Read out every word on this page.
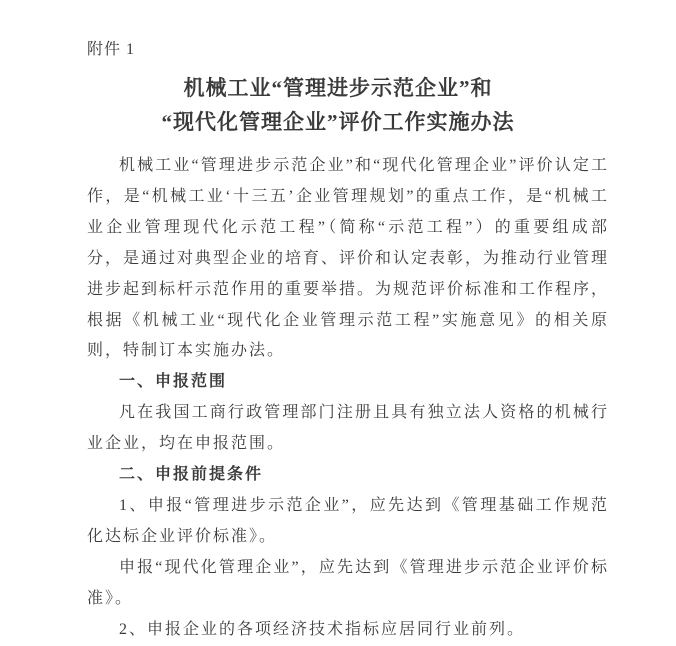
附件 1
机械工业“管理进步示范企业”和
“现代化管理企业”评价工作实施办法

机械工业“管理进步示范企业”和“现代化管理企业”评价认定工作，是“机械工业‘十三五’企业管理规划”的重点工作，是“机械工业企业管理现代化示范工程”（简称“示范工程”）的重要组成部分，是通过对典型企业的培育、评价和认定表彰，为推动行业管理进步起到标杆示范作用的重要举措。为规范评价标准和工作程序，根据《机械工业“现代化企业管理示范工程”实施意见》的相关原则，特制订本实施办法。

一、申报范围

凡在我国工商行政管理部门注册且具有独立法人资格的机械行业企业，均在申报范围。

二、申报前提条件

1、申报“管理进步示范企业”，应先达到《管理基础工作规范化达标企业评价标准》。

申报“现代化管理企业”，应先达到《管理进步示范企业评价标准》。

2、申报企业的各项经济技术指标应居同行业前列。
